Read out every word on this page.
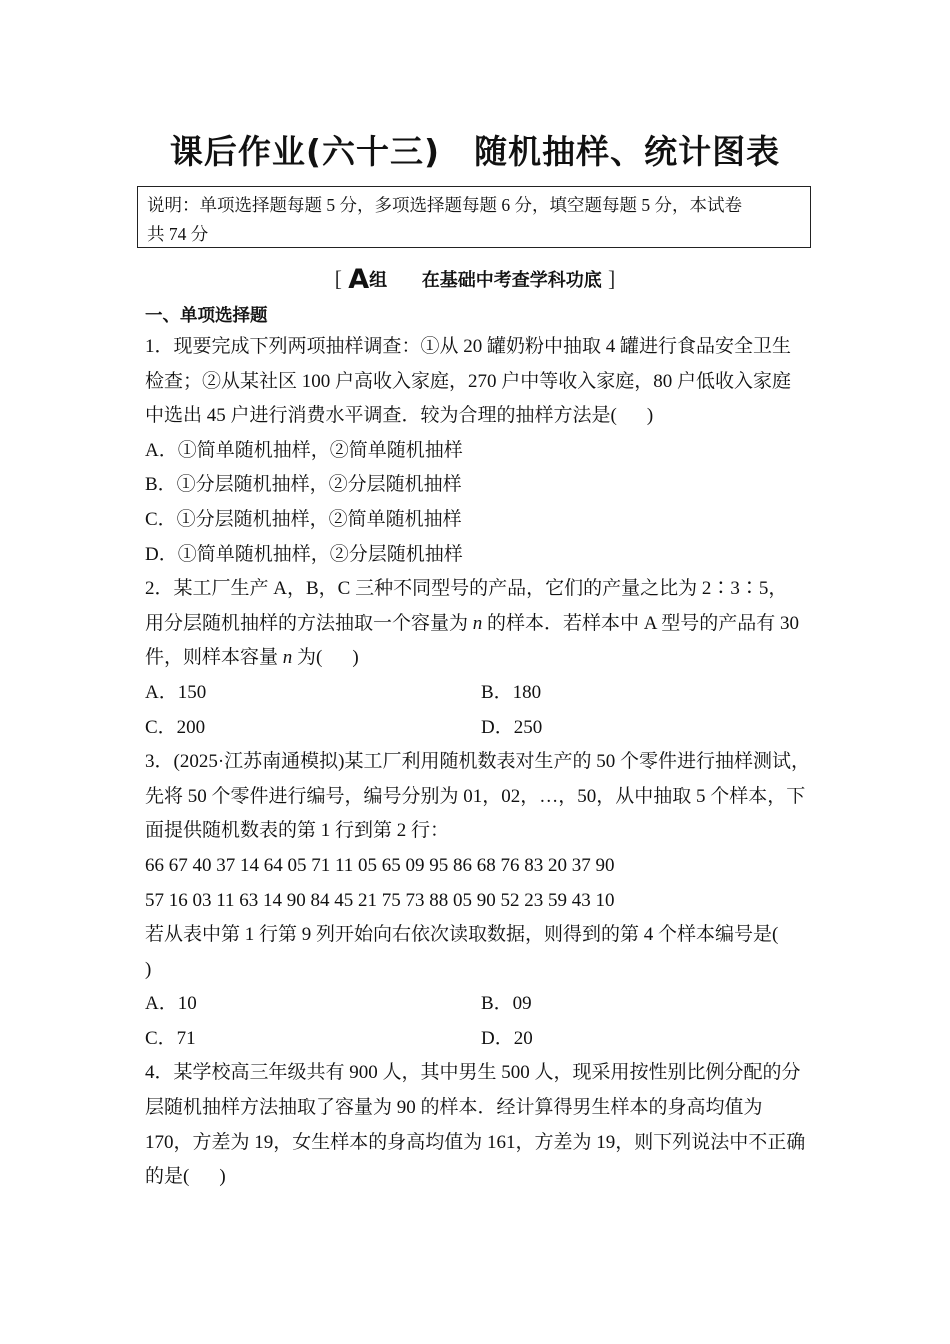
课后作业(六十三)　随机抽样、统计图表
说明：单项选择题每题 5 分，多项选择题每题 6 分，填空题每题 5 分，本试卷
共 74 分
[ A组 在基础中考查学科功底 ]
一、单项选择题
1．现要完成下列两项抽样调查：①从 20 罐奶粉中抽取 4 罐进行食品安全卫生
检查；②从某社区 100 户高收入家庭，270 户中等收入家庭，80 户低收入家庭
中选出 45 户进行消费水平调查．较为合理的抽样方法是( )
A．①简单随机抽样，②简单随机抽样
B．①分层随机抽样，②分层随机抽样
C．①分层随机抽样，②简单随机抽样
D．①简单随机抽样，②分层随机抽样
2．某工厂生产 A，B，C 三种不同型号的产品，它们的产量之比为 2∶3∶5，
用分层随机抽样的方法抽取一个容量为 n 的样本．若样本中 A 型号的产品有 30
件，则样本容量 n 为( )
A．150	B．180
C．200	D．250
3．(2025·江苏南通模拟)某工厂利用随机数表对生产的 50 个零件进行抽样测试，
先将 50 个零件进行编号，编号分别为 01，02，…，50，从中抽取 5 个样本，下
面提供随机数表的第 1 行到第 2 行：
66 67 40 37 14 64 05 71 11 05 65 09 95 86 68 76 83 20 37 90
57 16 03 11 63 14 90 84 45 21 75 73 88 05 90 52 23 59 43 10
若从表中第 1 行第 9 列开始向右依次读取数据，则得到的第 4 个样本编号是(
)
A．10	B．09
C．71	D．20
4．某学校高三年级共有 900 人，其中男生 500 人，现采用按性别比例分配的分
层随机抽样方法抽取了容量为 90 的样本．经计算得男生样本的身高均值为
170，方差为 19，女生样本的身高均值为 161，方差为 19，则下列说法中不正确
的是( )
